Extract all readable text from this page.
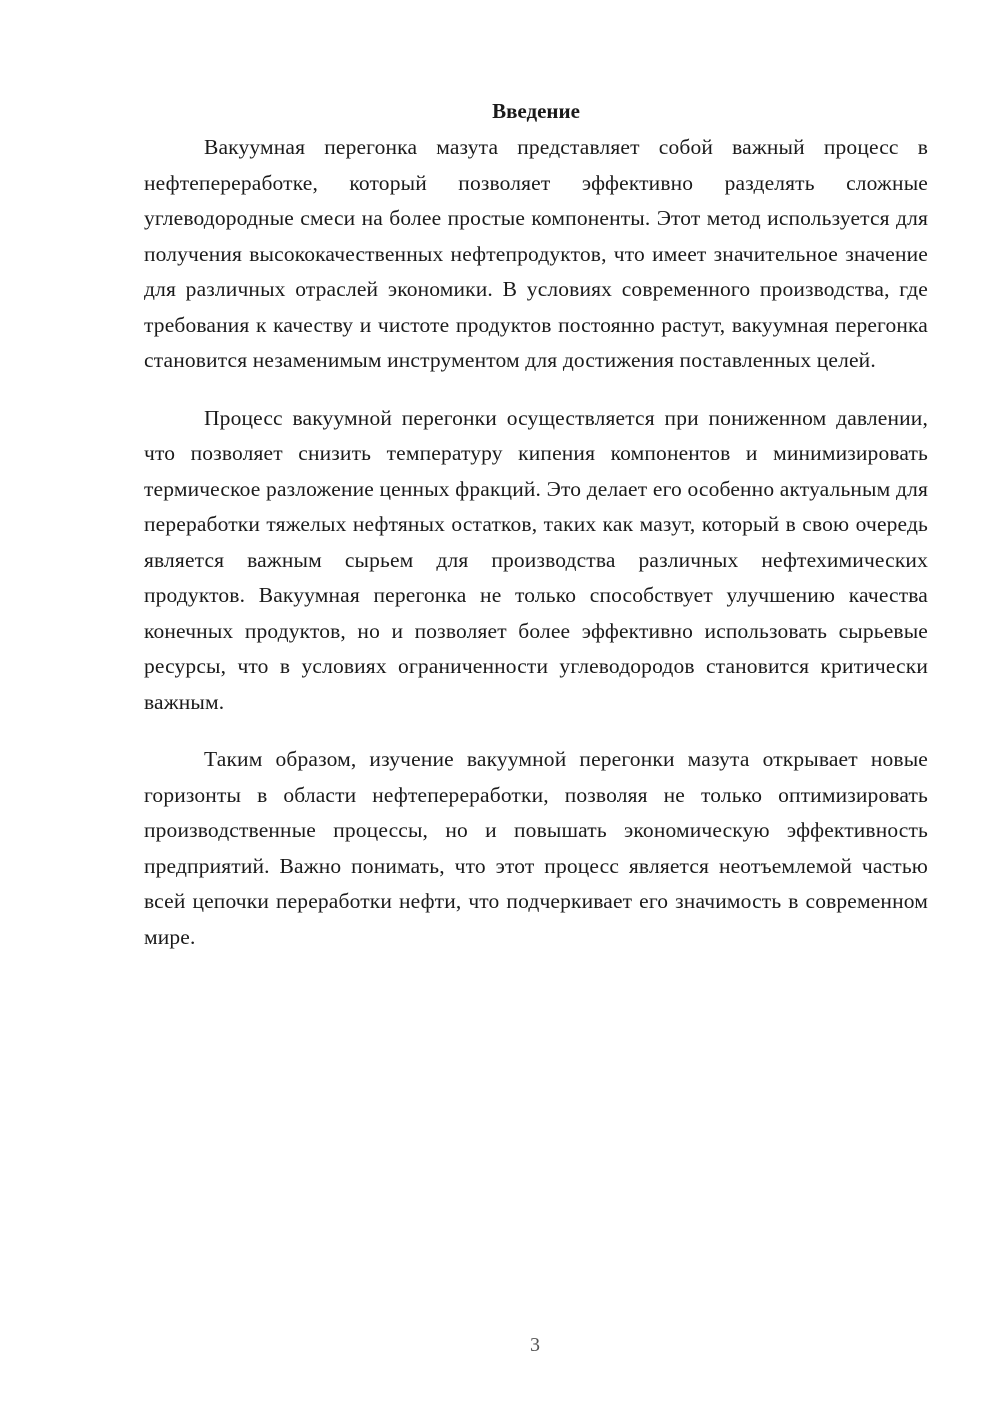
Введение

Вакуумная перегонка мазута представляет собой важный процесс в нефтепереработке, который позволяет эффективно разделять сложные углеводородные смеси на более простые компоненты. Этот метод используется для получения высококачественных нефтепродуктов, что имеет значительное значение для различных отраслей экономики. В условиях современного производства, где требования к качеству и чистоте продуктов постоянно растут, вакуумная перегонка становится незаменимым инструментом для достижения поставленных целей.

Процесс вакуумной перегонки осуществляется при пониженном давлении, что позволяет снизить температуру кипения компонентов и минимизировать термическое разложение ценных фракций. Это делает его особенно актуальным для переработки тяжелых нефтяных остатков, таких как мазут, который в свою очередь является важным сырьем для производства различных нефтехимических продуктов. Вакуумная перегонка не только способствует улучшению качества конечных продуктов, но и позволяет более эффективно использовать сырьевые ресурсы, что в условиях ограниченности углеводородов становится критически важным.

Таким образом, изучение вакуумной перегонки мазута открывает новые горизонты в области нефтепереработки, позволяя не только оптимизировать производственные процессы, но и повышать экономическую эффективность предприятий. Важно понимать, что этот процесс является неотъемлемой частью всей цепочки переработки нефти, что подчеркивает его значимость в современном мире.

3
